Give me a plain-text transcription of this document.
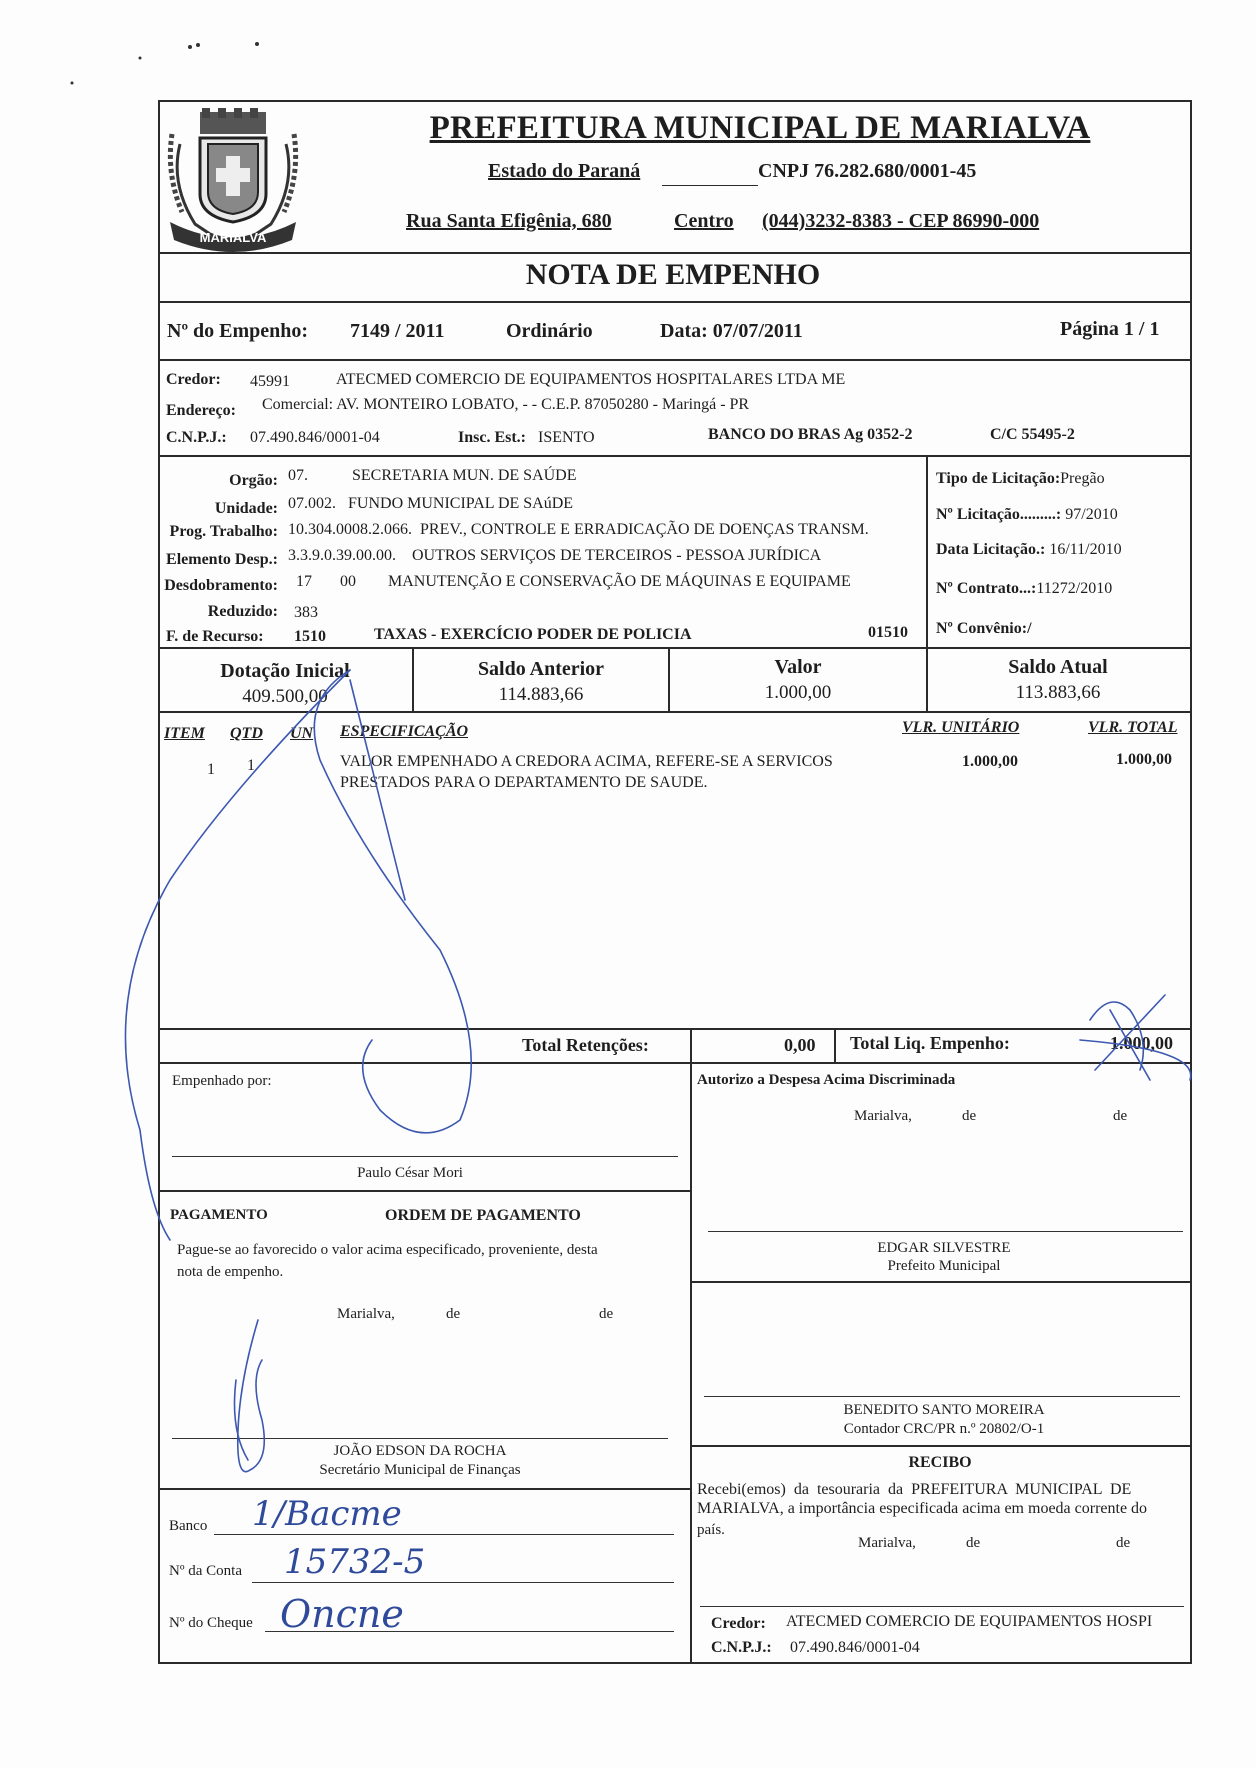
MARIALVA
PREFEITURA MUNICIPAL DE MARIALVA
Estado do Paraná	CNPJ 76.282.680/0001-45
Rua Santa Efigênia, 680	Centro (044)3232-8383 - CEP 86990-000
NOTA DE EMPENHO
Nº do Empenho: 7149 / 2011	Ordinário	Data: 07/07/2011	Página 1 / 1
Credor: 45991	ATECMED COMERCIO DE EQUIPAMENTOS HOSPITALARES LTDA ME
Endereço: Comercial: AV. MONTEIRO LOBATO, - - C.E.P. 87050280 - Maringá - PR
C.N.P.J.: 07.490.846/0001-04	Insc. Est.: ISENTO	BANCO DO BRAS Ag 0352-2	C/C 55495-2
Orgão: 07.           SECRETARIA MUN. DE SAÚDE
Unidade: 07.002.   FUNDO MUNICIPAL DE SAúDE
Prog. Trabalho: 10.304.0008.2.066.  PREV., CONTROLE E ERRADICAÇÃO DE DOENÇAS TRANSM.
Elemento Desp.: 3.3.9.0.39.00.00.    OUTROS SERVIÇOS DE TERCEIROS - PESSOA JURÍDICA
Desdobramento: 17       00        MANUTENÇÃO E CONSERVAÇÃO DE MÁQUINAS E EQUIPAME
Reduzido: 383
F. de Recurso: 1510	TAXAS - EXERCÍCIO PODER DE POLICIA	01510
Tipo de Licitação:Pregão
Nº Licitação.........: 97/2010
Data Licitação.: 16/11/2010
Nº Contrato...:11272/2010
Nº Convênio:/
Dotação Inicial
409.500,00
Saldo Anterior
114.883,66
Valor
1.000,00
Saldo Atual
113.883,66
ITEM QTD UN ESPECIFICAÇÃO	VLR. UNITÁRIO	VLR. TOTAL
1 1	VALOR EMPENHADO A CREDORA ACIMA, REFERE-SE A SERVICOS
PRESTADOS PARA O DEPARTAMENTO DE SAUDE.
1.000,00	1.000,00
Total Retenções:	0,00 Total Liq. Empenho:	1.000,00
Empenhado por:
Paulo César Mori
PAGAMENTO	ORDEM DE PAGAMENTO
Pague-se ao favorecido o valor acima especificado, proveniente, desta
nota de empenho.
Marialva,	de	de
JOÃO EDSON DA ROCHA
Secretário Municipal de Finanças
Banco 1/Bacme
Nº da Conta 15732-5
Nº do Cheque Oncne
Autorizo a Despesa Acima Discriminada
Marialva,	de	de
EDGAR SILVESTRE
Prefeito Municipal
BENEDITO SANTO MOREIRA
Contador CRC/PR n.º 20802/O-1
RECIBO
Recebi(emos)  da  tesouraria  da  PREFEITURA  MUNICIPAL  DE
MARIALVA, a importância especificada acima em moeda corrente do
país.
Marialva,	de	de
Credor: ATECMED COMERCIO DE EQUIPAMENTOS HOSPI
C.N.P.J.: 07.490.846/0001-04
